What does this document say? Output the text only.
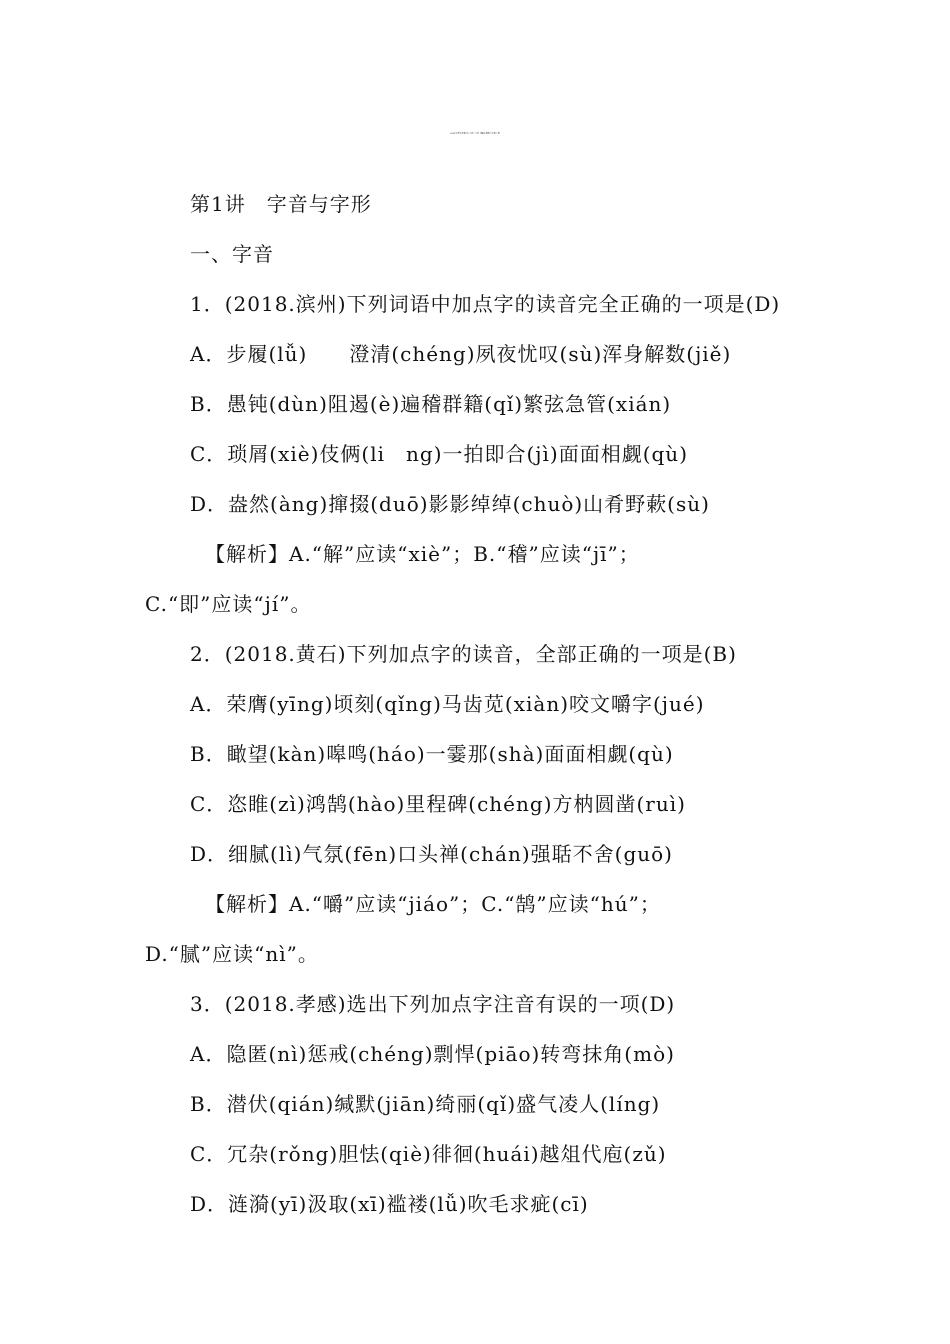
2019中考复习第1讲 字音与字形 部编人教版九年级上册
第1讲　字音与字形
一、字音
1．(2018.滨州)下列词语中加点字的读音完全正确的一项是(D)
A．步履(lǚ)　　澄清(chéng)夙夜忧叹(sù)浑身解数(jiě)
B．愚钝(dùn)阻遏(è)遍稽群籍(qǐ)繁弦急管(xián)
C．琐屑(xiè)伎俩(li　ng)一拍即合(jì)面面相觑(qù)
D．盎然(àng)撺掇(duō)影影绰绰(chuò)山肴野蔌(sù)
【解析】A.“解”应读“xiè”；B.“稽”应读“jī”；
C.“即”应读“jí”。
2．(2018.黄石)下列加点字的读音，全部正确的一项是(B)
A．荣膺(yīng)顷刻(qǐng)马齿苋(xiàn)咬文嚼字(jué)
B．瞰望(kàn)嗥鸣(háo)一霎那(shà)面面相觑(qù)
C．恣睢(zì)鸿鹄(hào)里程碑(chéng)方枘圆凿(ruì)
D．细腻(lì)气氛(fēn)口头禅(chán)强聒不舍(guō)
【解析】A.“嚼”应读“jiáo”；C.“鹄”应读“hú”；
D.“腻”应读“nì”。
3．(2018.孝感)选出下列加点字注音有误的一项(D)
A．隐匿(nì)惩戒(chéng)剽悍(piāo)转弯抹角(mò)
B．潜伏(qián)缄默(jiān)绮丽(qǐ)盛气凌人(líng)
C．冗杂(rǒng)胆怯(qiè)徘徊(huái)越俎代庖(zǔ)
D．涟漪(yī)汲取(xī)褴褛(lǚ)吹毛求疵(cī)
